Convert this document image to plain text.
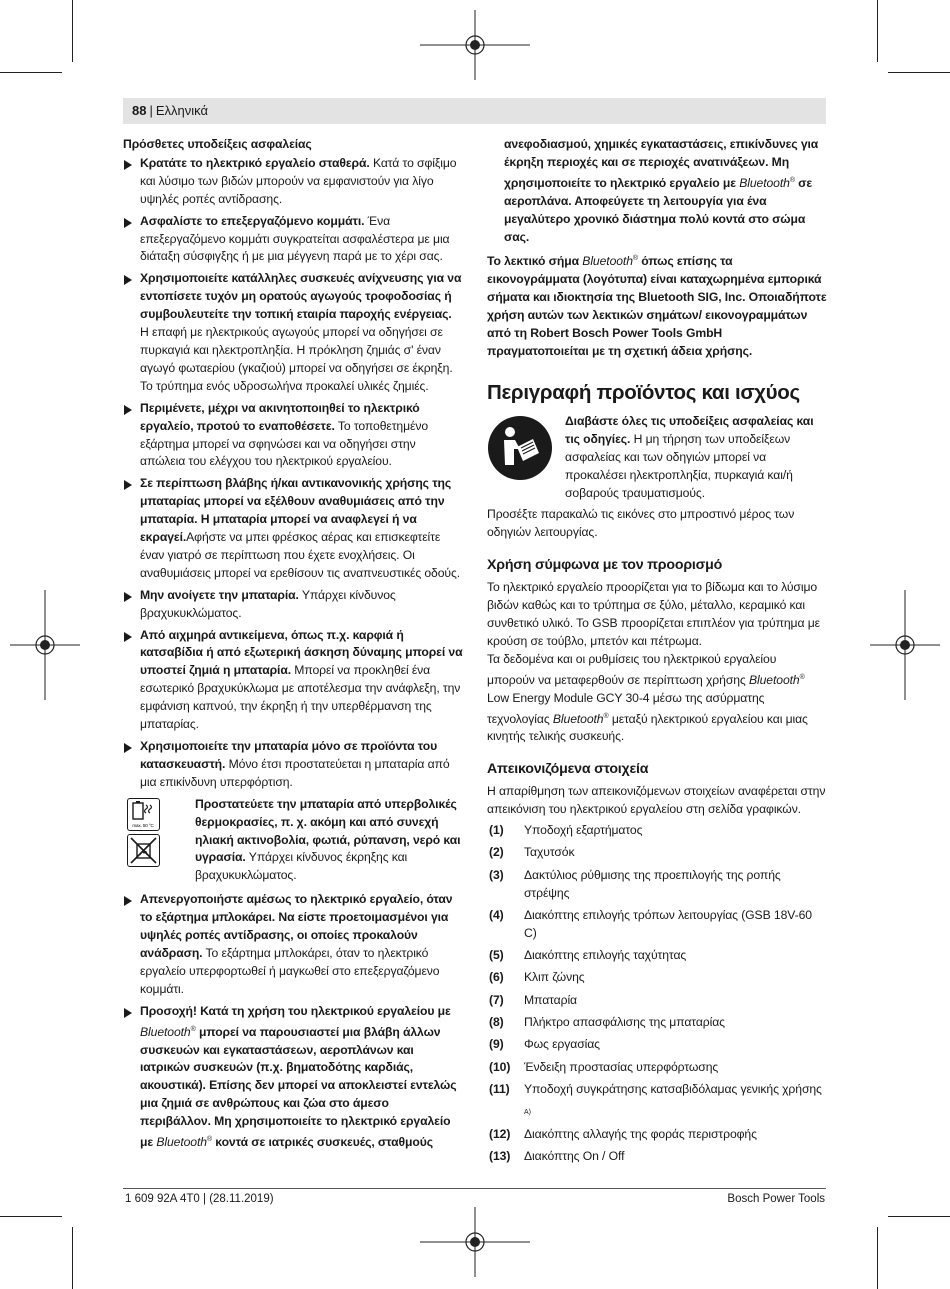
88 | Ελληνικά

Πρόσθετες υποδείξεις ασφαλείας

Κρατάτε το ηλεκτρικό εργαλείο σταθερά. Κατά το σφίξιμο και λύσιμο των βιδών μπορούν να εμφανιστούν για λίγο υψηλές ροπές αντίδρασης.
Ασφαλίστε το επεξεργαζόμενο κομμάτι. Ένα επεξεργαζόμενο κομμάτι συγκρατείται ασφαλέστερα με μια διάταξη σύσφιγξης ή με μια μέγγενη παρά με το χέρι σας.
Χρησιμοποιείτε κατάλληλες συσκευές ανίχνευσης για να εντοπίσετε τυχόν μη ορατούς αγωγούς τροφοδοσίας ή συμβουλευτείτε την τοπική εταιρία παροχής ενέργειας. Η επαφή με ηλεκτρικούς αγωγούς μπορεί να οδηγήσει σε πυρκαγιά και ηλεκτροπληξία. Η πρόκληση ζημιάς σ' έναν αγωγό φωταερίου (γκαζιού) μπορεί να οδηγήσει σε έκρηξη. Το τρύπημα ενός υδροσωλήνα προκαλεί υλικές ζημιές.
Περιμένετε, μέχρι να ακινητοποιηθεί το ηλεκτρικό εργαλείο, προτού το εναποθέσετε. Το τοποθετημένο εξάρτημα μπορεί να σφηνώσει και να οδηγήσει στην απώλεια του ελέγχου του ηλεκτρικού εργαλείου.
Σε περίπτωση βλάβης ή/και αντικανονικής χρήσης της μπαταρίας μπορεί να εξέλθουν αναθυμιάσεις από την μπαταρία. Η μπαταρία μπορεί να αναφλεγεί ή να εκραγεί.Αφήστε να μπει φρέσκος αέρας και επισκεφτείτε έναν γιατρό σε περίπτωση που έχετε ενοχλήσεις. Οι αναθυμιάσεις μπορεί να ερεθίσουν τις αναπνευστικές οδούς.
Μην ανοίγετε την μπαταρία. Υπάρχει κίνδυνος βραχυκυκλώματος.
Από αιχμηρά αντικείμενα, όπως π.χ. καρφιά ή κατσαβίδια ή από εξωτερική άσκηση δύναμης μπορεί να υποστεί ζημιά η μπαταρία. Μπορεί να προκληθεί ένα εσωτερικό βραχυκύκλωμα με αποτέλεσμα την ανάφλεξη, την εμφάνιση καπνού, την έκρηξη ή την υπερθέρμανση της μπαταρίας.
Χρησιμοποιείτε την μπαταρία μόνο σε προϊόντα του κατασκευαστή. Μόνο έτσι προστατεύεται η μπαταρία από μια επικίνδυνη υπερφόρτιση.
max. 50 °C
Προστατεύετε την μπαταρία από υπερβολικές θερμοκρασίες, π. χ. ακόμη και από συνεχή ηλιακή ακτινοβολία, φωτιά, ρύπανση, νερό και υγρασία. Υπάρχει κίνδυνος έκρηξης και βραχυκυκλώματος.
Απενεργοποιήστε αμέσως το ηλεκτρικό εργαλείο, όταν το εξάρτημα μπλοκάρει. Να είστε προετοιμασμένοι για υψηλές ροπές αντίδρασης, οι οποίες προκαλούν ανάδραση. Το εξάρτημα μπλοκάρει, όταν το ηλεκτρικό εργαλείο υπερφορτωθεί ή μαγκωθεί στο επεξεργαζόμενο κομμάτι.
Προσοχή! Κατά τη χρήση του ηλεκτρικού εργαλείου με Bluetooth® μπορεί να παρουσιαστεί μια βλάβη άλλων συσκευών και εγκαταστάσεων, αεροπλάνων και ιατρικών συσκευών (π.χ. βηματοδότης καρδιάς, ακουστικά). Επίσης δεν μπορεί να αποκλειστεί εντελώς μια ζημιά σε ανθρώπους και ζώα στο άμεσο περιβάλλον. Μη χρησιμοποιείτε το ηλεκτρικό εργαλείο με Bluetooth® κοντά σε ιατρικές συσκευές, σταθμούς
ανεφοδιασμού, χημικές εγκαταστάσεις, επικίνδυνες για έκρηξη περιοχές και σε περιοχές ανατινάξεων. Μη χρησιμοποιείτε το ηλεκτρικό εργαλείο με Bluetooth® σε αεροπλάνα. Αποφεύγετε τη λειτουργία για ένα μεγαλύτερο χρονικό διάστημα πολύ κοντά στο σώμα σας.

Το λεκτικό σήμα Bluetooth® όπως επίσης τα εικονογράμματα (λογότυπα) είναι καταχωρημένα εμπορικά σήματα και ιδιοκτησία της Bluetooth SIG, Inc. Οποιαδήποτε χρήση αυτών των λεκτικών σημάτων/ εικονογραμμάτων από τη Robert Bosch Power Tools GmbH πραγματοποιείται με τη σχετική άδεια χρήσης.

Περιγραφή προϊόντος και ισχύος
Διαβάστε όλες τις υποδείξεις ασφαλείας και τις οδηγίες. Η μη τήρηση των υποδείξεων ασφαλείας και των οδηγιών μπορεί να προκαλέσει ηλεκτροπληξία, πυρκαγιά και/ή σοβαρούς τραυματισμούς.

Προσέξτε παρακαλώ τις εικόνες στο μπροστινό μέρος των οδηγιών λειτουργίας.

Χρήση σύμφωνα με τον προορισμό

Το ηλεκτρικό εργαλείο προορίζεται για το βίδωμα και το λύσιμο βιδών καθώς και το τρύπημα σε ξύλο, μέταλλο, κεραμικό και συνθετικό υλικό. Το GSB προορίζεται επιπλέον για τρύπημα με κρούση σε τούβλο, μπετόν και πέτρωμα.

Τα δεδομένα και οι ρυθμίσεις του ηλεκτρικού εργαλείου μπορούν να μεταφερθούν σε περίπτωση χρήσης Bluetooth® Low Energy Module GCY 30-4 μέσω της ασύρματης τεχνολογίας Bluetooth® μεταξύ ηλεκτρικού εργαλείου και μιας κινητής τελικής συσκευής.

Απεικονιζόμενα στοιχεία

Η απαρίθμηση των απεικονιζόμενων στοιχείων αναφέρεται στην απεικόνιση του ηλεκτρικού εργαλείου στη σελίδα γραφικών.

(1) Υποδοχή εξαρτήματος
(2) Ταχυτσόκ
(3) Δακτύλιος ρύθμισης της προεπιλογής της ροπής στρέψης
(4) Διακόπτης επιλογής τρόπων λειτουργίας (GSB 18V-60 C)
(5) Διακόπτης επιλογής ταχύτητας
(6) Κλιπ ζώνης
(7) Μπαταρία
(8) Πλήκτρο απασφάλισης της μπαταρίας
(9) Φως εργασίας
(10) Ένδειξη προστασίας υπερφόρτωσης
(11) Υποδοχή συγκράτησης κατσαβιδόλαμας γενικής χρήσης
$_{A)}$
(12) Διακόπτης αλλαγής της φοράς περιστροφής
(13) Διακόπτης On / Off
1 609 92A 4T0 | (28.11.2019)	Bosch Power Tools
